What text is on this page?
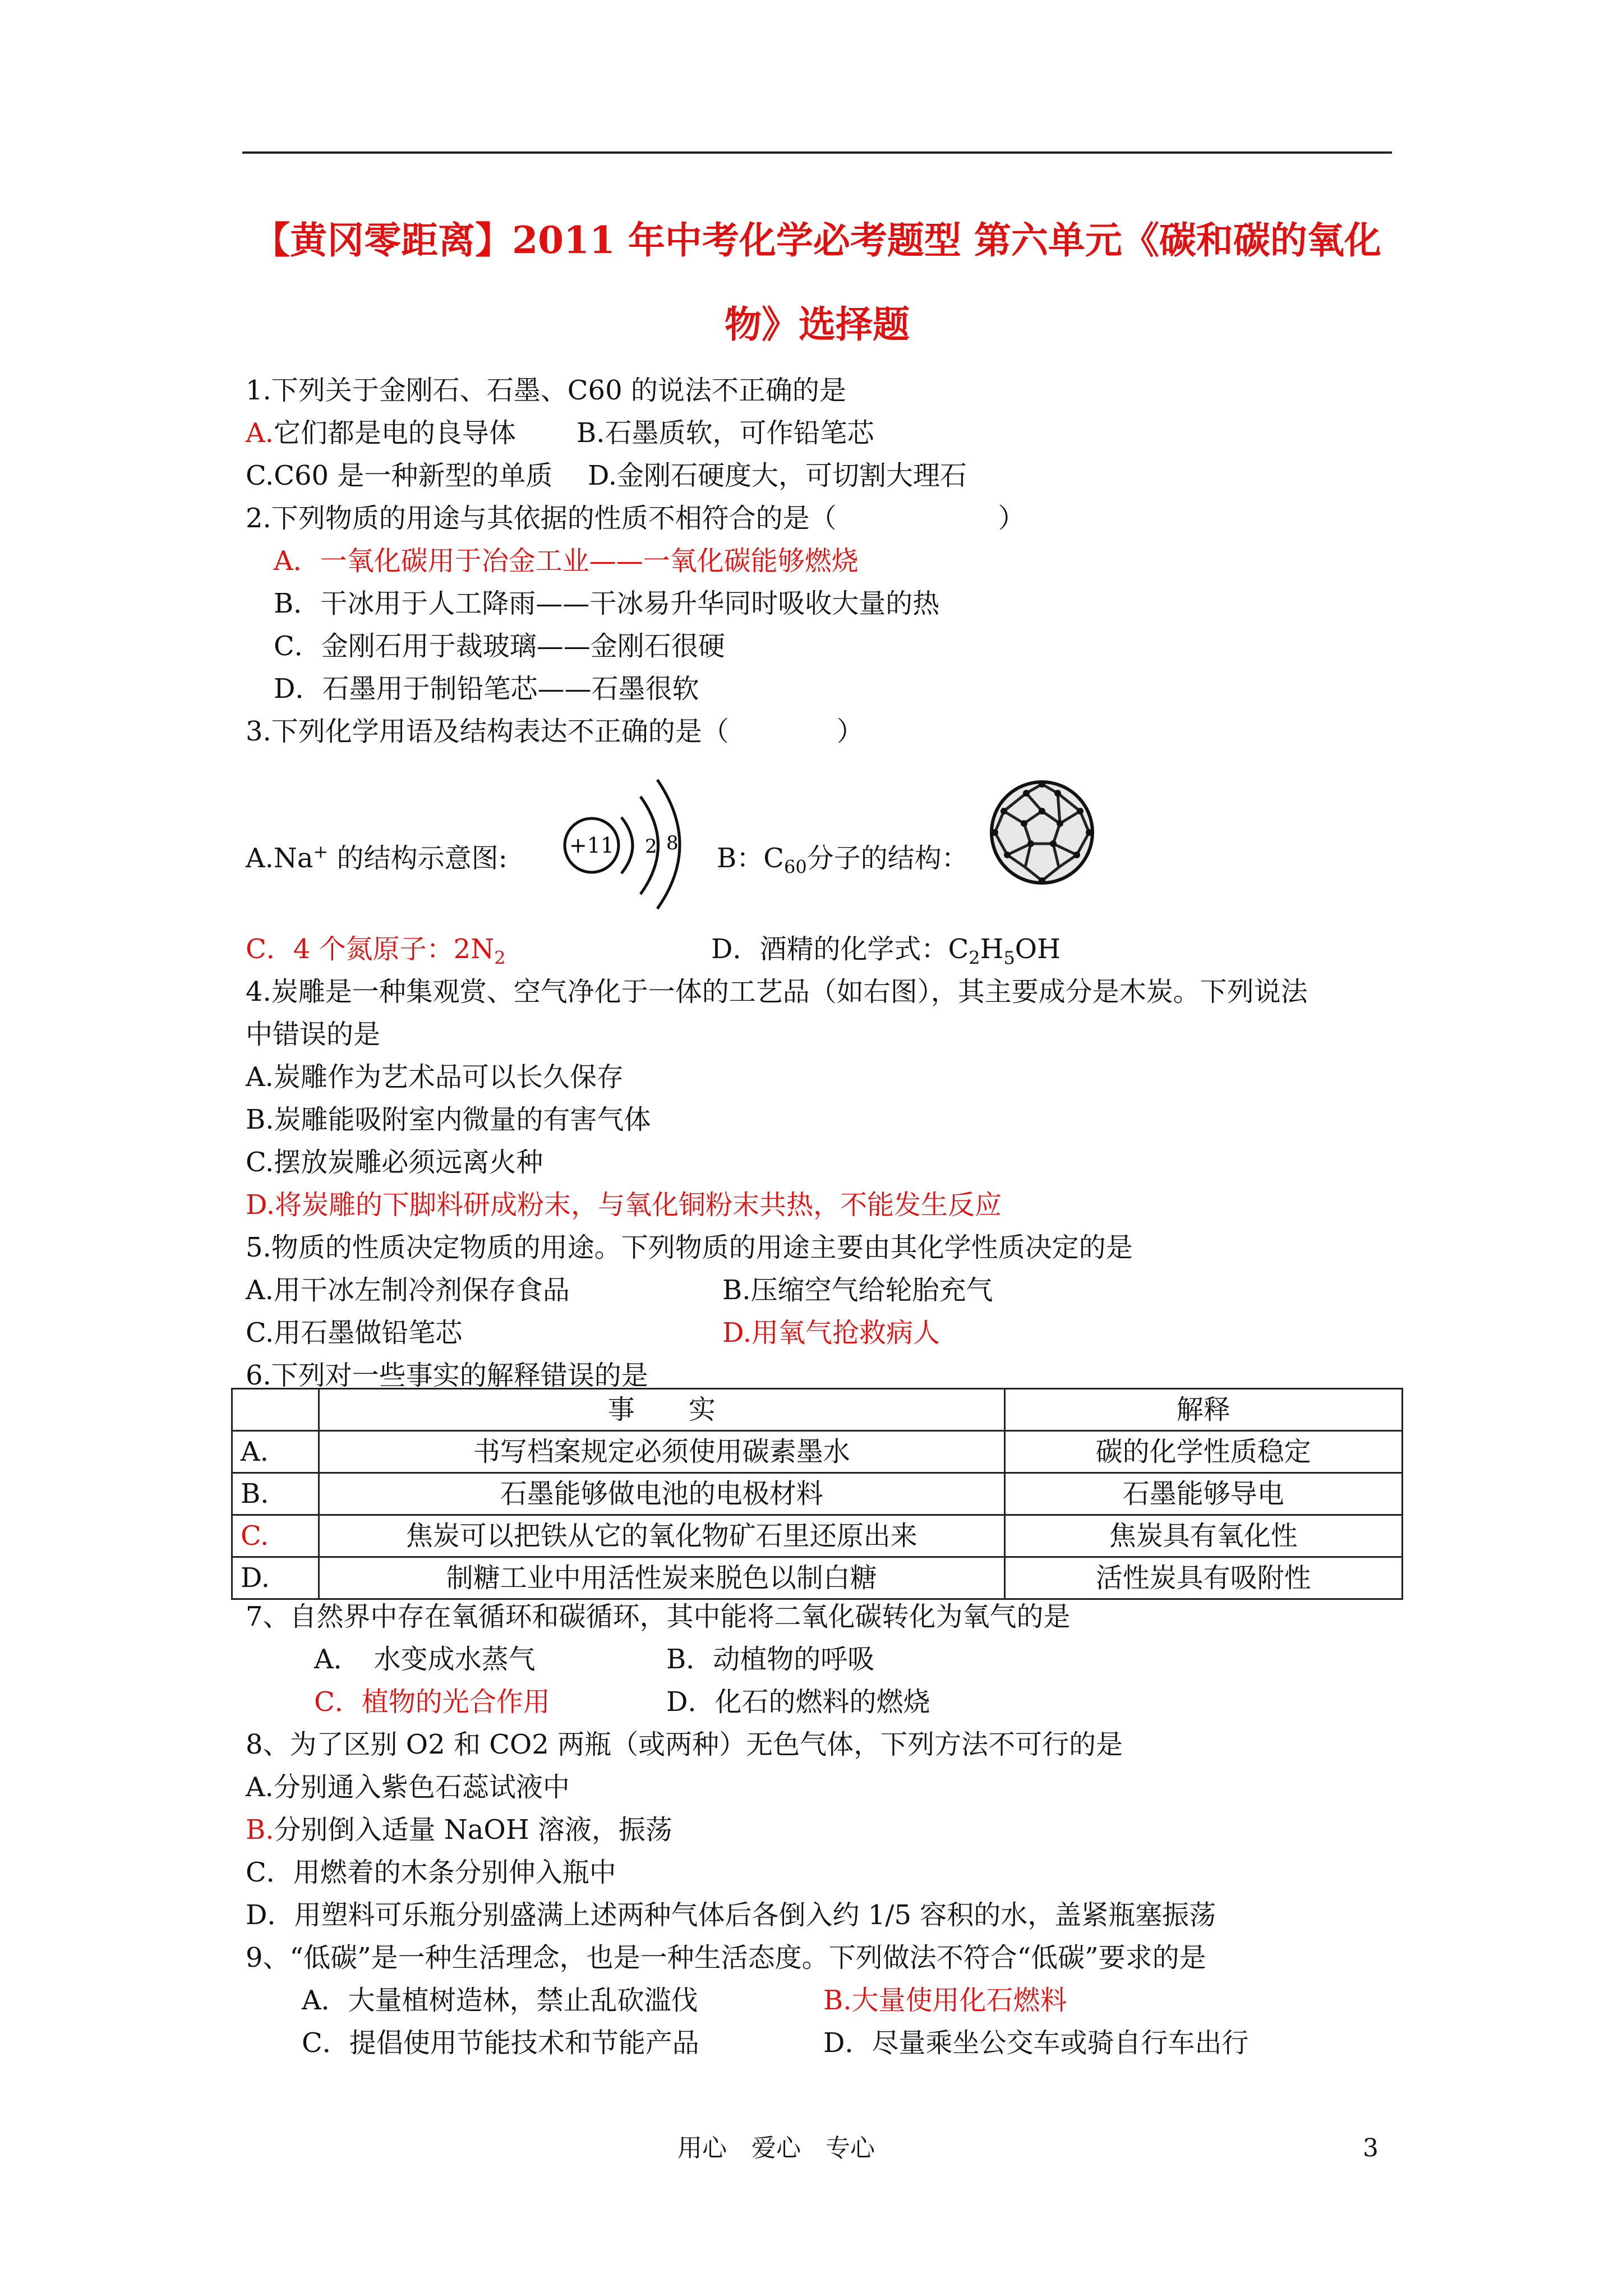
【黄冈零距离】2011 年中考化学必考题型 第六单元《碳和碳的氧化
物》选择题
1.下列关于金刚石、石墨、C60 的说法不正确的是
A.它们都是电的良导体 B.石墨质软，可作铅笔芯
C.C60 是一种新型的单质 D.金刚石硬度大，可切割大理石
2.下列物质的用途与其依据的性质不相符合的是（　　　　　　）
A．一氧化碳用于冶金工业——一氧化碳能够燃烧
B．干冰用于人工降雨——干冰易升华同时吸收大量的热
C．金刚石用于裁玻璃——金刚石很硬
D．石墨用于制铅笔芯——石墨很软
3.下列化学用语及结构表达不正确的是（　　　　）
A.Na+ 的结构示意图:	+11 2 8 B：$C_{60}$分子的结构：
C．4 个氮原子：$2N_2$	D．酒精的化学式：$C_2H_5OH$
4.炭雕是一种集观赏、空气净化于一体的工艺品（如右图），其主要成分是木炭。下列说法
中错误的是
A.炭雕作为艺术品可以长久保存
B.炭雕能吸附室内微量的有害气体
C.摆放炭雕必须远离火种
D.将炭雕的下脚料研成粉末，与氧化铜粉末共热，不能发生反应
5.物质的性质决定物质的用途。下列物质的用途主要由其化学性质决定的是
A.用干冰左制冷剂保存食品	B.压缩空气给轮胎充气
C.用石墨做铅笔芯	D.用氧气抢救病人
6.下列对一些事实的解释错误的是
	事　　实	解释
A.	书写档案规定必须使用碳素墨水	碳的化学性质稳定
B.	石墨能够做电池的电极材料	石墨能够导电
C.	焦炭可以把铁从它的氧化物矿石里还原出来	焦炭具有氧化性
D.	制糖工业中用活性炭来脱色以制白糖	活性炭具有吸附性
7、自然界中存在氧循环和碳循环，其中能将二氧化碳转化为氧气的是
A．　水变成水蒸气	B．动植物的呼吸
C．植物的光合作用	D．化石的燃料的燃烧
8、为了区别 O2 和 CO2 两瓶（或两种）无色气体，下列方法不可行的是
A.分别通入紫色石蕊试液中
B.分别倒入适量 NaOH 溶液，振荡
C．用燃着的木条分别伸入瓶中
D．用塑料可乐瓶分别盛满上述两种气体后各倒入约 1/5 容积的水，盖紧瓶塞振荡
9、“低碳”是一种生活理念，也是一种生活态度。下列做法不符合“低碳”要求的是
A．大量植树造林，禁止乱砍滥伐	B.大量使用化石燃料
C．提倡使用节能技术和节能产品	D．尽量乘坐公交车或骑自行车出行
用心　爱心　专心	3
